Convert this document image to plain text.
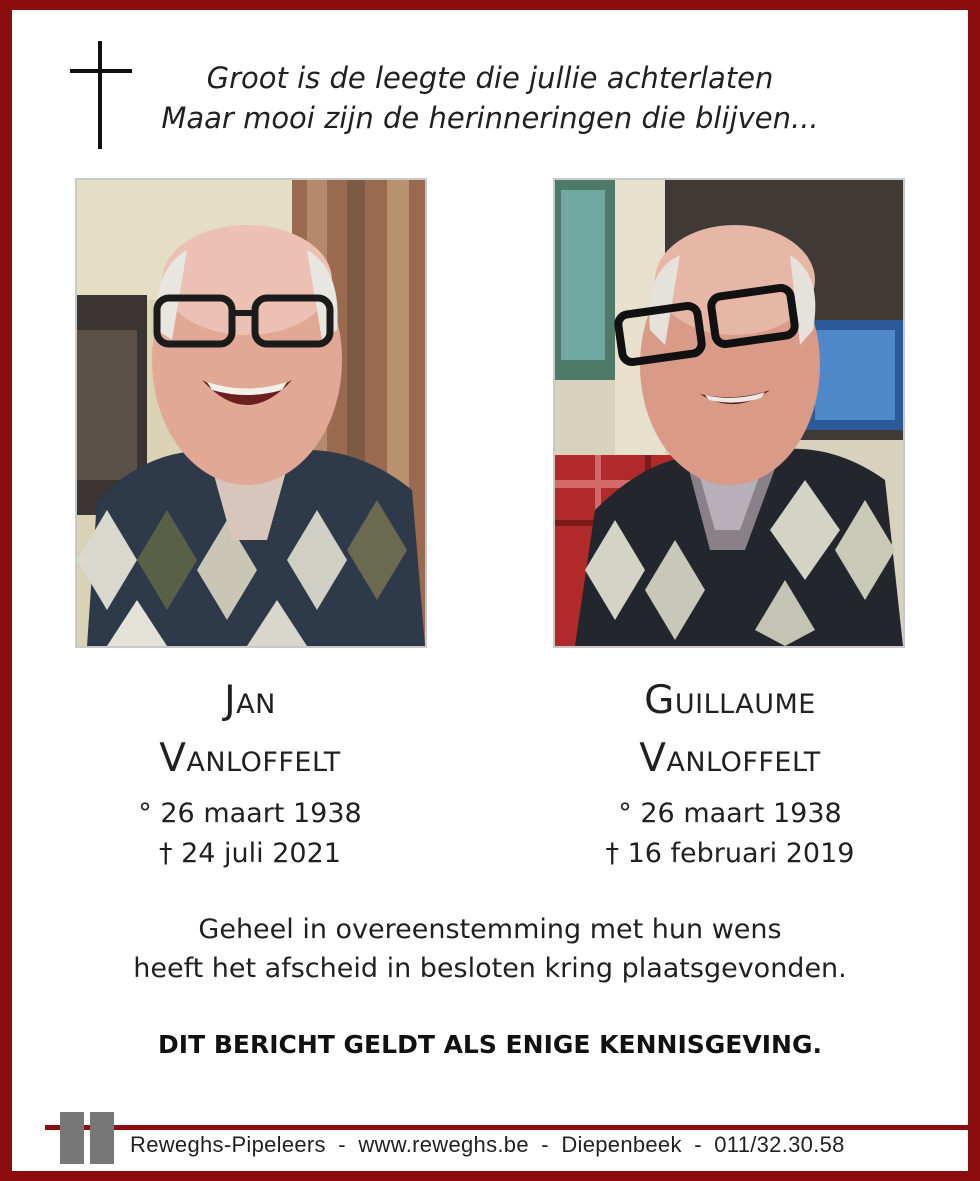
Groot is de leegte die jullie achterlaten
Maar mooi zijn de herinneringen die blijven...
Jan
Vanloffelt
° 26 maart 1938
† 24 juli 2021
Guillaume
Vanloffelt
° 26 maart 1938
† 16 februari 2019
Geheel in overeenstemming met hun wens
heeft het afscheid in besloten kring plaatsgevonden.
DIT BERICHT GELDT ALS ENIGE KENNISGEVING.
Reweghs-Pipeleers - www.reweghs.be - Diepenbeek - 011/32.30.58
